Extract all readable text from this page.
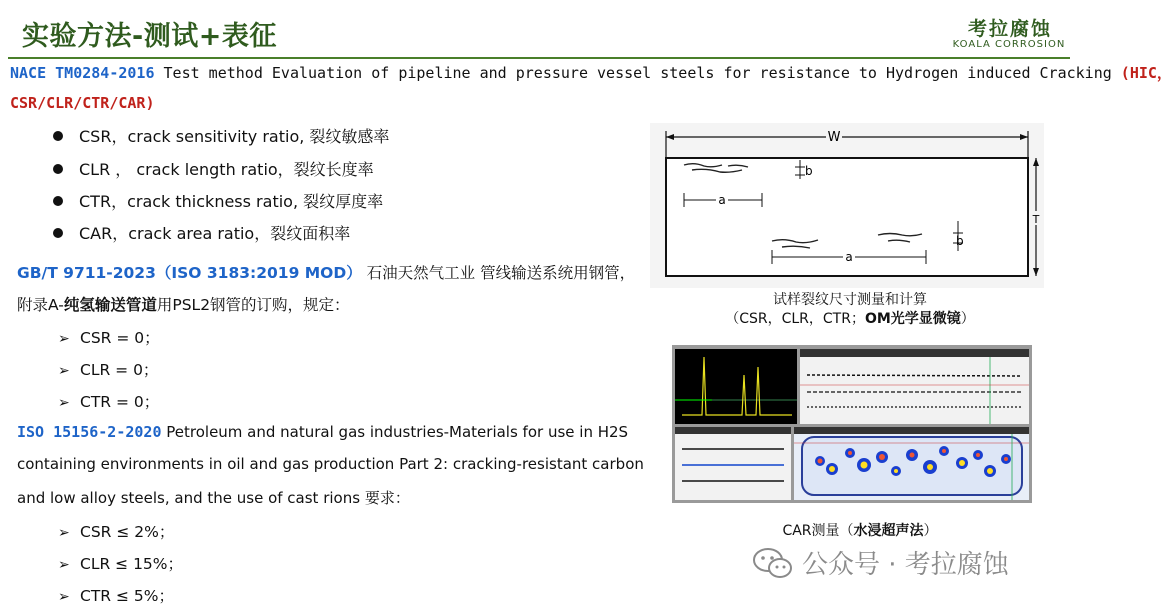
实验方法-测试+表征	考拉腐蚀
KOALA CORROSION
NACE TM0284-2016 Test method Evaluation of pipeline and pressure vessel steels for resistance to Hydrogen induced Cracking (HIC，
CSR/CLR/CTR/CAR)
CSR，crack sensitivity ratio, 裂纹敏感率
CLR ， crack length ratio，裂纹长度率
CTR，crack thickness ratio, 裂纹厚度率
CAR，crack area ratio，裂纹面积率
GB/T 9711-2023（ISO 3183:2019 MOD） 石油天然气工业 管线输送系统用钢管，
附录A-纯氢输送管道用PSL2钢管的订购，规定：
➢ CSR = 0；
➢ CLR = 0；
➢ CTR = 0；
ISO 15156-2-2020 Petroleum and natural gas industries-Materials for use in H2S
containing environments in oil and gas production Part 2: cracking-resistant carbon
and low alloy steels, and the use of cast rions 要求：
➢ CSR ≤ 2%；
➢ CLR ≤ 15%；
➢ CTR ≤ 5%；
W
T
b
a
b
a
试样裂纹尺寸测量和计算
（CSR，CLR，CTR；OM光学显微镜）
CAR测量（水浸超声法）
公众号 · 考拉腐蚀
